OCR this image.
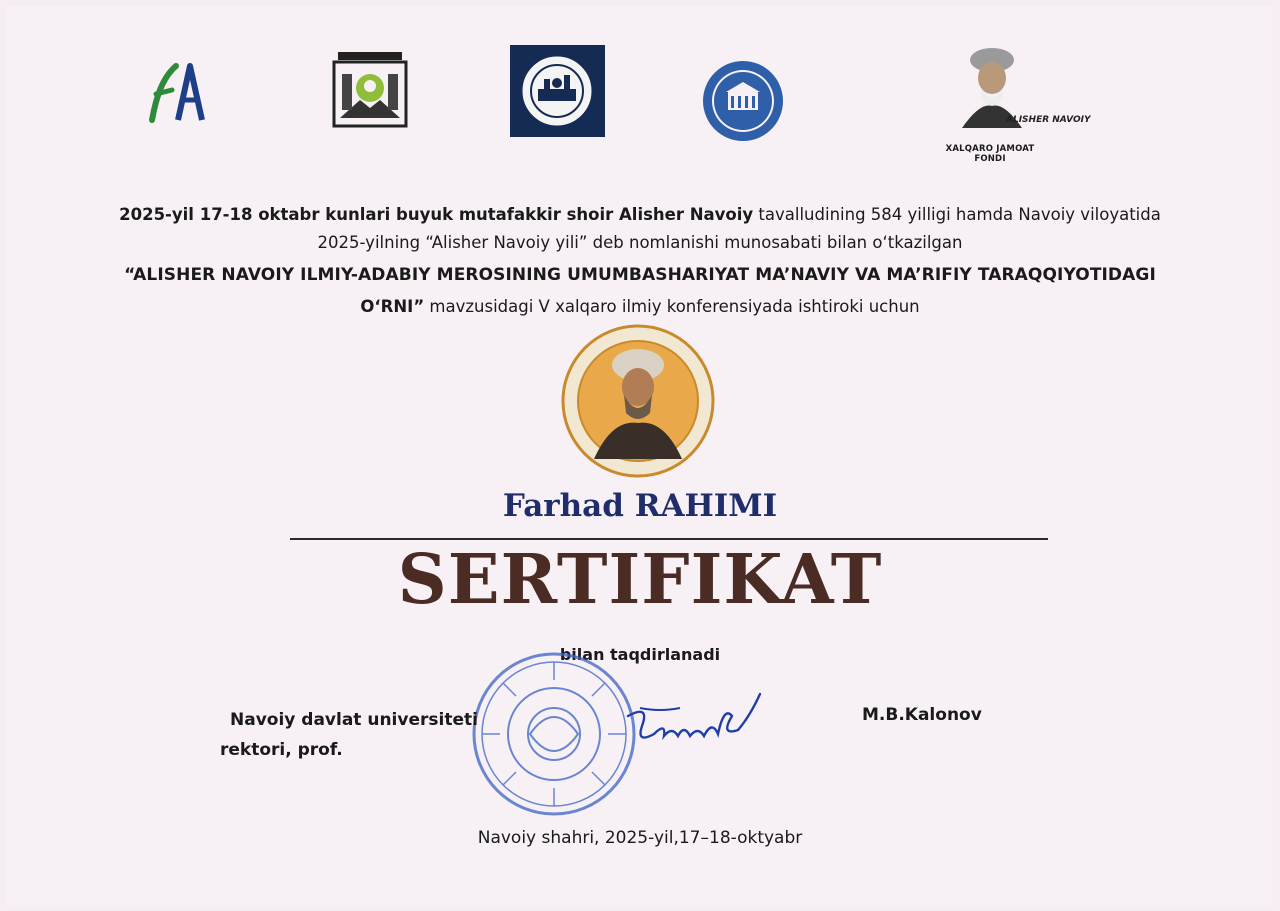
ALISHER NAVOIY
XALQARO JAMOAT FONDI
2025-yil 17-18 oktabr kunlari buyuk mutafakkir shoir Alisher Navoiy tavalludining 584 yilligi hamda Navoiy viloyatida
2025-yilning “Alisher Navoiy yili” deb nomlanishi munosabati bilan o‘tkazilgan
“ALISHER NAVOIY ILMIY-ADABIY MEROSINING UMUMBASHARIYAT MA’NAVIY VA MA’RIFIY TARAQQIYOTIDAGI
O‘RNI” mavzusidagi V xalqaro ilmiy konferensiyada ishtiroki uchun
Farhad RAHIMI
SERTIFIKAT
bilan taqdirlanadi
Navoiy davlat universiteti
rektori, prof.
M.B.Kalonov
Navoiy shahri, 2025-yil,17–18-oktyabr
